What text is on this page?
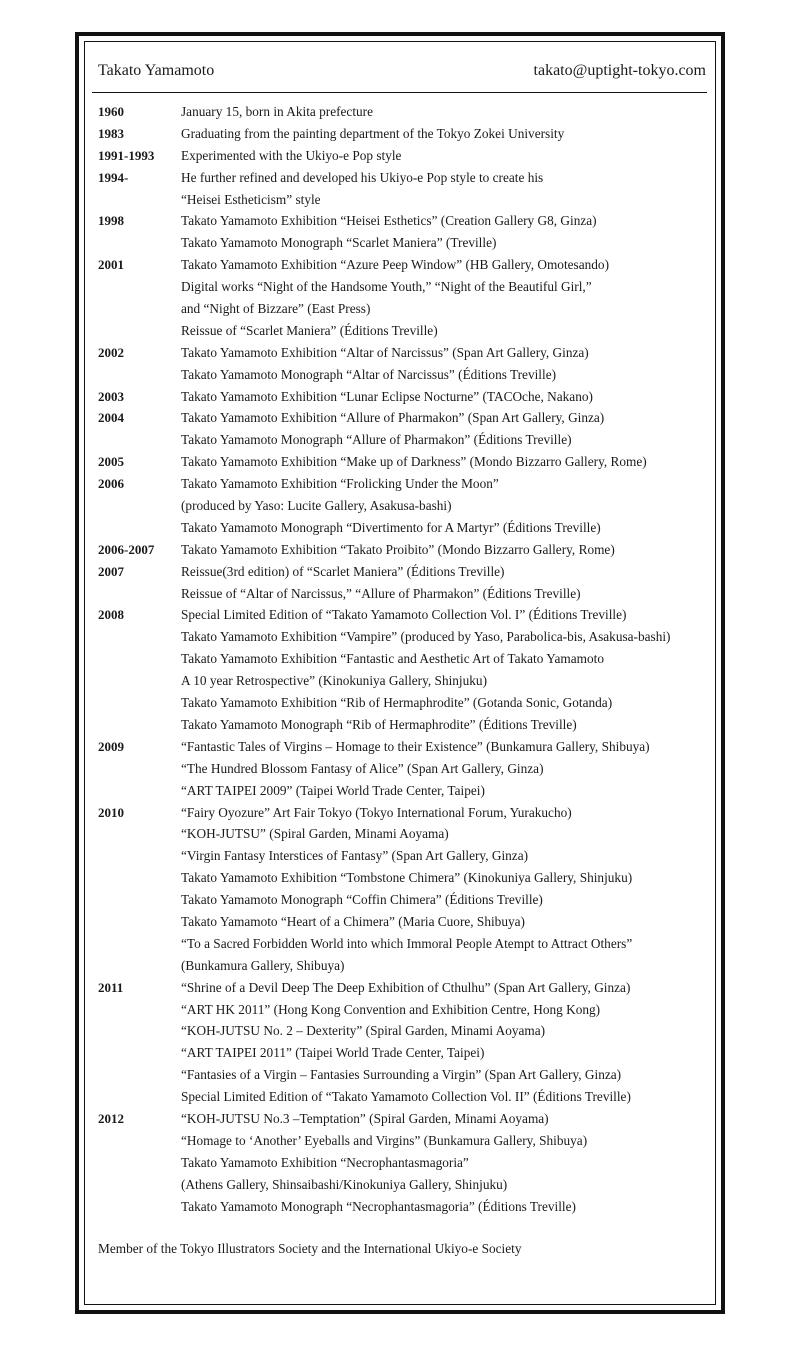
Takato Yamamoto	takato@uptight-tokyo.com
1960	January 15, born in Akita prefecture
1983	Graduating from the painting department of the Tokyo Zokei University
1991-1993	Experimented with the Ukiyo-e Pop style
1994-	He further refined and developed his Ukiyo-e Pop style to create his
“Heisei Estheticism” style
1998	Takato Yamamoto Exhibition “Heisei Esthetics” (Creation Gallery G8, Ginza)
Takato Yamamoto Monograph “Scarlet Maniera” (Treville)
2001	Takato Yamamoto Exhibition “Azure Peep Window” (HB Gallery, Omotesando)
Digital works “Night of the Handsome Youth,” “Night of the Beautiful Girl,”
and “Night of Bizzare” (East Press)
Reissue of “Scarlet Maniera” (Éditions Treville)
2002	Takato Yamamoto Exhibition “Altar of Narcissus” (Span Art Gallery, Ginza)
Takato Yamamoto Monograph “Altar of Narcissus” (Éditions Treville)
2003	Takato Yamamoto Exhibition “Lunar Eclipse Nocturne” (TACOche, Nakano)
2004	Takato Yamamoto Exhibition “Allure of Pharmakon” (Span Art Gallery, Ginza)
Takato Yamamoto Monograph “Allure of Pharmakon” (Éditions Treville)
2005	Takato Yamamoto Exhibition “Make up of Darkness” (Mondo Bizzarro Gallery, Rome)
2006	Takato Yamamoto Exhibition “Frolicking Under the Moon”
(produced by Yaso: Lucite Gallery, Asakusa-bashi)
Takato Yamamoto Monograph “Divertimento for A Martyr” (Éditions Treville)
2006-2007	Takato Yamamoto Exhibition “Takato Proibito” (Mondo Bizzarro Gallery, Rome)
2007	Reissue(3rd edition) of “Scarlet Maniera” (Éditions Treville)
Reissue of “Altar of Narcissus,” “Allure of Pharmakon” (Éditions Treville)
2008	Special Limited Edition of “Takato Yamamoto Collection Vol. I” (Éditions Treville)
Takato Yamamoto Exhibition “Vampire” (produced by Yaso, Parabolica-bis, Asakusa-bashi)
Takato Yamamoto Exhibition “Fantastic and Aesthetic Art of Takato Yamamoto
A 10 year Retrospective” (Kinokuniya Gallery, Shinjuku)
Takato Yamamoto Exhibition “Rib of Hermaphrodite” (Gotanda Sonic, Gotanda)
Takato Yamamoto Monograph “Rib of Hermaphrodite” (Éditions Treville)
2009	“Fantastic Tales of Virgins – Homage to their Existence” (Bunkamura Gallery, Shibuya)
“The Hundred Blossom Fantasy of Alice” (Span Art Gallery, Ginza)
“ART TAIPEI 2009” (Taipei World Trade Center, Taipei)
2010	“Fairy Oyozure” Art Fair Tokyo (Tokyo International Forum, Yurakucho)
“KOH-JUTSU” (Spiral Garden, Minami Aoyama)
“Virgin Fantasy Interstices of Fantasy” (Span Art Gallery, Ginza)
Takato Yamamoto Exhibition “Tombstone Chimera” (Kinokuniya Gallery, Shinjuku)
Takato Yamamoto Monograph “Coffin Chimera” (Éditions Treville)
Takato Yamamoto “Heart of a Chimera” (Maria Cuore, Shibuya)
“To a Sacred Forbidden World into which Immoral People Atempt to Attract Others”
(Bunkamura Gallery, Shibuya)
2011	“Shrine of a Devil Deep The Deep Exhibition of Cthulhu” (Span Art Gallery, Ginza)
“ART HK 2011” (Hong Kong Convention and Exhibition Centre, Hong Kong)
“KOH-JUTSU No. 2 – Dexterity” (Spiral Garden, Minami Aoyama)
“ART TAIPEI 2011” (Taipei World Trade Center, Taipei)
“Fantasies of a Virgin – Fantasies Surrounding a Virgin” (Span Art Gallery, Ginza)
Special Limited Edition of “Takato Yamamoto Collection Vol. II” (Éditions Treville)
2012	“KOH-JUTSU No.3 –Temptation” (Spiral Garden, Minami Aoyama)
“Homage to ‘Another’ Eyeballs and Virgins” (Bunkamura Gallery, Shibuya)
Takato Yamamoto Exhibition “Necrophantasmagoria”
(Athens Gallery, Shinsaibashi/Kinokuniya Gallery, Shinjuku)
Takato Yamamoto Monograph “Necrophantasmagoria” (Éditions Treville)
Member of the Tokyo Illustrators Society and the International Ukiyo-e Society
